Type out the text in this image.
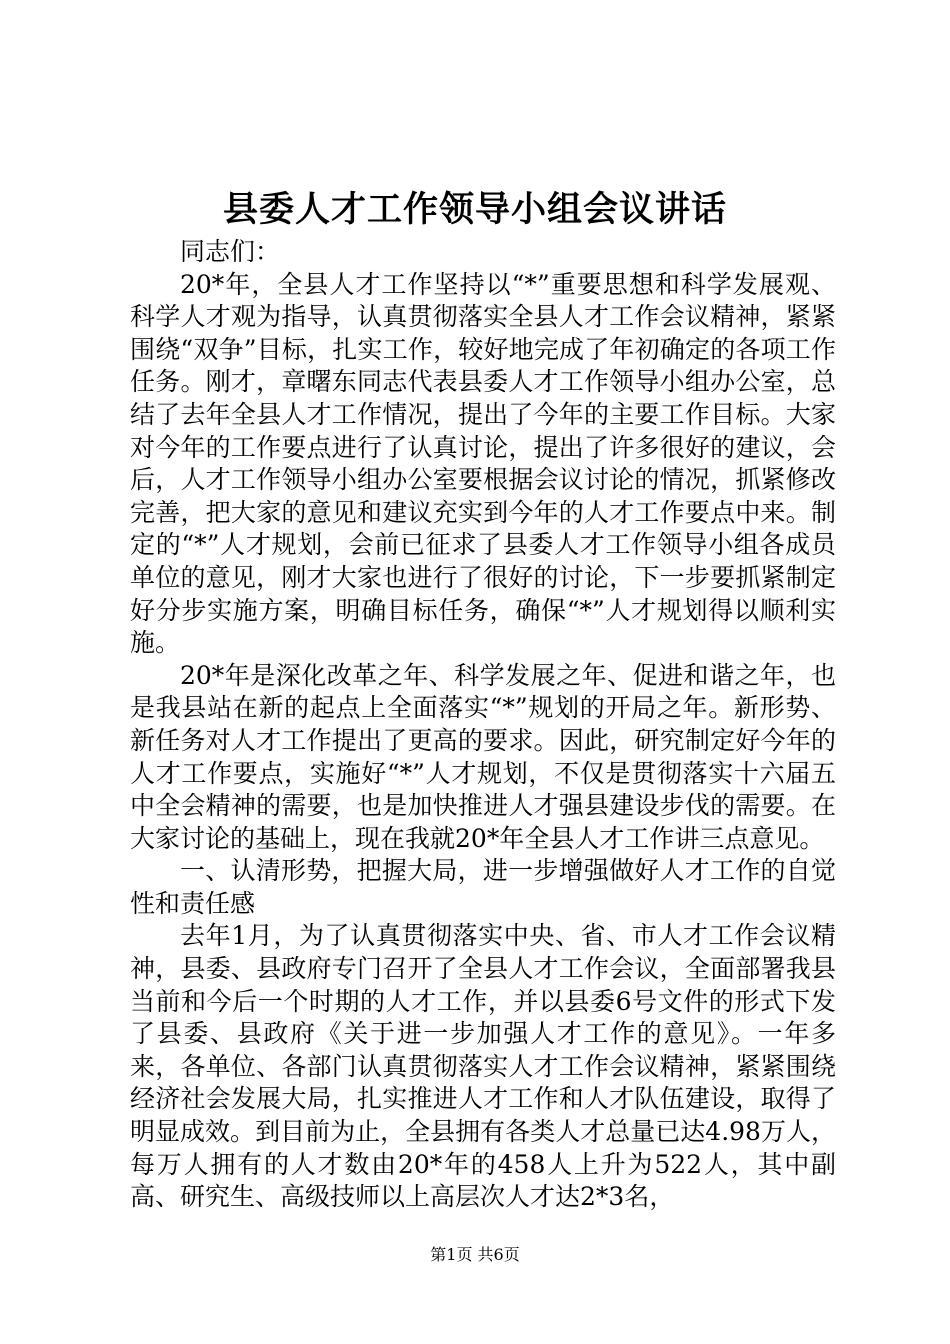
县委人才工作领导小组会议讲话

同志们：

20*年，全县人才工作坚持以“*”重要思想和科学发展观、科学人才观为指导，认真贯彻落实全县人才工作会议精神，紧紧围绕“双争”目标，扎实工作，较好地完成了年初确定的各项工作任务。刚才，章曙东同志代表县委人才工作领导小组办公室，总结了去年全县人才工作情况，提出了今年的主要工作目标。大家对今年的工作要点进行了认真讨论，提出了许多很好的建议，会后，人才工作领导小组办公室要根据会议讨论的情况，抓紧修改完善，把大家的意见和建议充实到今年的人才工作要点中来。制定的“*”人才规划，会前已征求了县委人才工作领导小组各成员单位的意见，刚才大家也进行了很好的讨论，下一步要抓紧制定好分步实施方案，明确目标任务，确保“*”人才规划得以顺利实施。

20*年是深化改革之年、科学发展之年、促进和谐之年，也是我县站在新的起点上全面落实“*”规划的开局之年。新形势、新任务对人才工作提出了更高的要求。因此，研究制定好今年的人才工作要点，实施好“*”人才规划，不仅是贯彻落实十六届五中全会精神的需要，也是加快推进人才强县建设步伐的需要。在大家讨论的基础上，现在我就20*年全县人才工作讲三点意见。

一、认清形势，把握大局，进一步增强做好人才工作的自觉性和责任感

去年1月，为了认真贯彻落实中央、省、市人才工作会议精神，县委、县政府专门召开了全县人才工作会议，全面部署我县当前和今后一个时期的人才工作，并以县委6号文件的形式下发了县委、县政府《关于进一步加强人才工作的意见》。一年多来，各单位、各部门认真贯彻落实人才工作会议精神，紧紧围绕经济社会发展大局，扎实推进人才工作和人才队伍建设，取得了明显成效。到目前为止，全县拥有各类人才总量已达4.98万人，每万人拥有的人才数由20*年的458人上升为522人，其中副高、研究生、高级技师以上高层次人才达2*3名，

第1页 共6页
